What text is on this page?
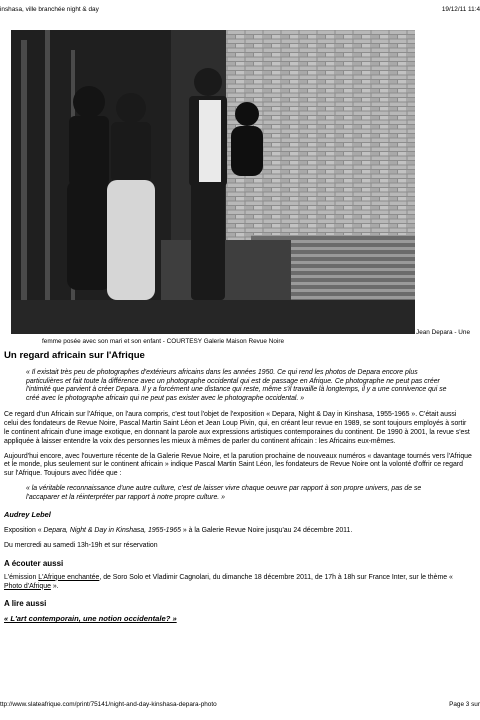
inshasa, ville branchée night & day	19/12/11 11:4
Jean Depara - Une
femme posée avec son mari et son enfant - COURTESY Galerie Maison Revue Noire
Un regard africain sur l'Afrique
« Il existait très peu de photographes d'extérieurs africains dans les années 1950. Ce qui rend les photos de Depara encore plus particulières et fait toute la différence avec un photographe occidental qui est de passage en Afrique. Ce photographe ne peut pas créer l'intimité que parvient à créer Depara. Il y a forcément une distance qui reste, même s'il travaille là longtemps, il y a une connivence qui se créé avec le photographe africain qui ne peut pas exister avec le photographe occidental. »
Ce regard d'un Africain sur l'Afrique, on l'aura compris, c'est tout l'objet de l'exposition « Depara, Night & Day in Kinshasa, 1955-1965 ». C'était aussi celui des fondateurs de Revue Noire, Pascal Martin Saint Léon et Jean Loup Pivin, qui, en créant leur revue en 1989, se sont toujours employés à sortir le continent africain d'une image exotique, en donnant la parole aux expressions artistiques contemporaines du continent. De 1990 à 2001, la revue s'est appliquée à laisser entendre la voix des personnes les mieux à mêmes de parler du continent africain : les Africains eux-mêmes.
Aujourd'hui encore, avec l'ouverture récente de la Galerie Revue Noire, et la parution prochaine de nouveaux numéros « davantage tournés vers l'Afrique et le monde, plus seulement sur le continent africain » indique Pascal Martin Saint Léon, les fondateurs de Revue Noire ont la volonté d'offrir ce regard sur l'Afrique. Toujours avec l'idée que :
« la véritable reconnaissance d'une autre culture, c'est de laisser vivre chaque oeuvre par rapport à son propre univers, pas de se l'accaparer et la réinterpréter par rapport à notre propre culture. »
Audrey Lebel
Exposition « Depara, Night & Day in Kinshasa, 1955-1965 » à la Galerie Revue Noire jusqu'au 24 décembre 2011.
Du mercredi au samedi 13h-19h et sur réservation
A écouter aussi
L'émission L'Afrique enchantée, de Soro Solo et Vladimir Cagnolari, du dimanche 18 décembre 2011, de 17h à 18h sur France Inter, sur le thème « Photo d'Afrique ».
A lire aussi
« L'art contemporain, une notion occidentale? »
ttp://www.slateafrique.com/print/75141/night-and-day-kinshasa-depara-photo	Page 3 sur
